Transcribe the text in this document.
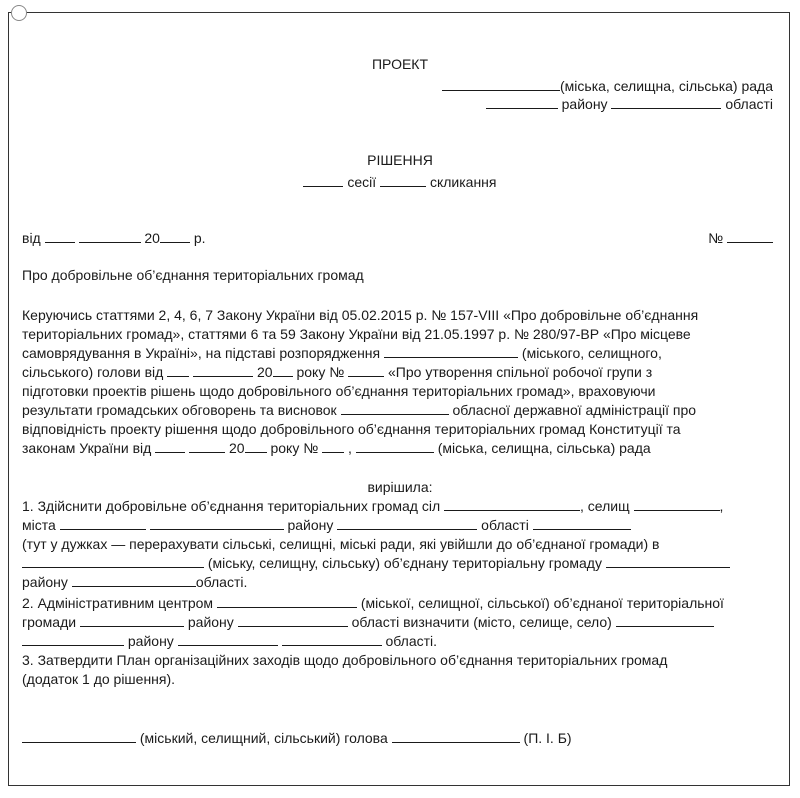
ПРОЕКТ
(міська, селищна, сільська) рада
району	області
РІШЕННЯ
сесії	скликання
від	20 р.	№
Про добровільне об’єднання територіальних громад
Керуючись статтями 2, 4, 6, 7 Закону України від 05.02.2015 р. № 157-VIII «Про добровільне об’єднання
територіальних громад», статтями 6 та 59 Закону України від 21.05.1997 р. № 280/97-ВР «Про місцеве
самоврядування в Україні», на підставі розпорядження	(міського, селищного,
сільського) голови від	20 року №	«Про утворення спільної робочої групи з
підготовки проектів рішень щодо добровільного об’єднання територіальних громад», враховуючи
результати громадських обговорень та висновок	обласної державної адміністрації про
відповідність проекту рішення щодо добровільного об’єднання територіальних громад Конституції та
законам України від	20 року № ,	(міська, селищна, сільська) рада
вирішила:
1. Здійснити добровільне об’єднання територіальних громад сіл	, селищ	,
міста	району	області
(тут у дужках — перерахувати сільські, селищні, міські ради, які увійшли до об’єднаної громади) в
(міську, селищну, сільську) об’єднану територіальну громаду
району	області.
2. Адміністративним центром	(міської, селищної, сільської) об’єднаної територіальної
громади	району	області визначити (місто, селище, село)
району	області.
3. Затвердити План організаційних заходів щодо добровільного об’єднання територіальних громад
(додаток 1 до рішення).
(міський, селищний, сільський) голова	(П. І. Б)
